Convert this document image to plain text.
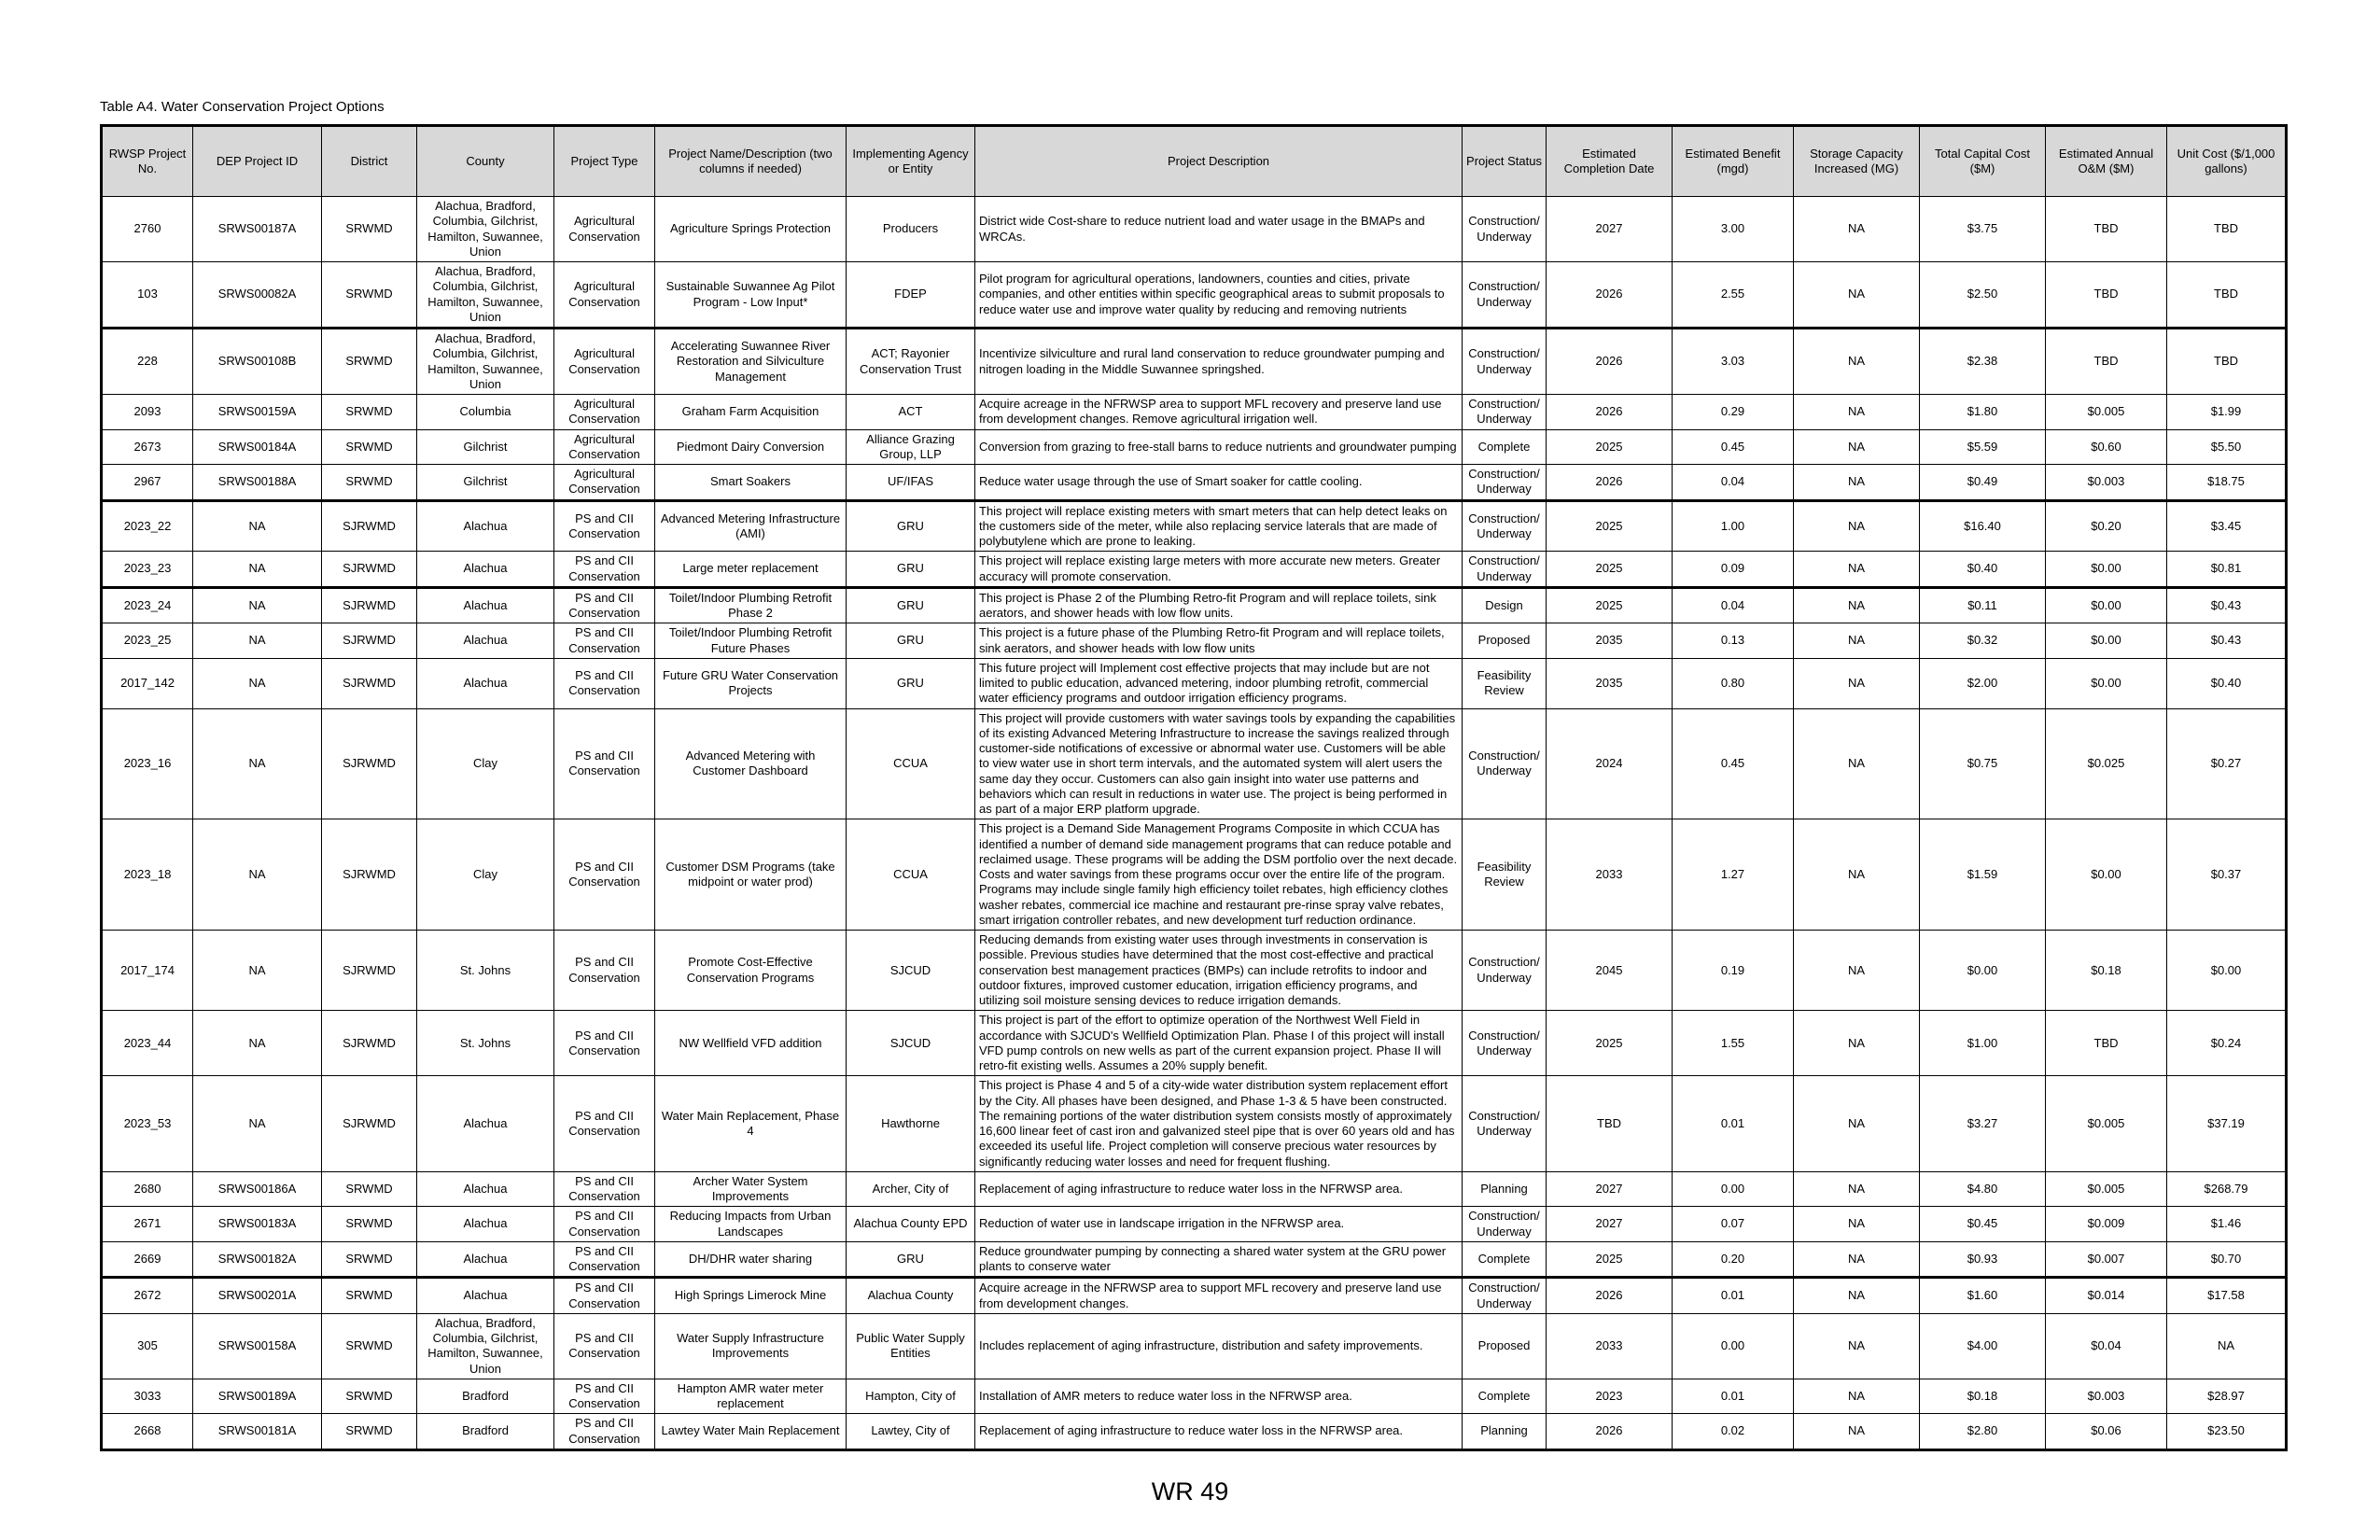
Table A4. Water Conservation Project Options
RWSP Project No.	DEP Project ID	District	County	Project Type	Project Name/Description (two columns if needed)	Implementing Agency or Entity	Project Description	Project Status	Estimated Completion Date	Estimated Benefit (mgd)	Storage Capacity Increased (MG)	Total Capital Cost ($M)	Estimated Annual O&M ($M)	Unit Cost ($/1,000 gallons)
2760	SRWS00187A	SRWMD	Alachua, Bradford, Columbia, Gilchrist, Hamilton, Suwannee, Union	Agricultural Conservation	Agriculture Springs Protection	Producers	District wide Cost-share to reduce nutrient load and water usage in the BMAPs and WRCAs.	Construction/Underway	2027	3.00	NA	$3.75	TBD	TBD
103	SRWS00082A	SRWMD	Alachua, Bradford, Columbia, Gilchrist, Hamilton, Suwannee, Union	Agricultural Conservation	Sustainable Suwannee Ag Pilot Program - Low Input*	FDEP	Pilot program for agricultural operations, landowners, counties and cities, private companies, and other entities within specific geographical areas to submit proposals to reduce water use and improve water quality by reducing and removing nutrients	Construction/Underway	2026	2.55	NA	$2.50	TBD	TBD
228	SRWS00108B	SRWMD	Alachua, Bradford, Columbia, Gilchrist, Hamilton, Suwannee, Union	Agricultural Conservation	Accelerating Suwannee River Restoration and Silviculture Management	ACT; Rayonier Conservation Trust	Incentivize silviculture and rural land conservation to reduce groundwater pumping and nitrogen loading in the Middle Suwannee springshed.	Construction/Underway	2026	3.03	NA	$2.38	TBD	TBD
2093	SRWS00159A	SRWMD	Columbia	Agricultural Conservation	Graham Farm Acquisition	ACT	Acquire acreage in the NFRWSP area to support MFL recovery and preserve land use from development changes. Remove agricultural irrigation well.	Construction/Underway	2026	0.29	NA	$1.80	$0.005	$1.99
2673	SRWS00184A	SRWMD	Gilchrist	Agricultural Conservation	Piedmont Dairy Conversion	Alliance Grazing Group, LLP	Conversion from grazing to free-stall barns to reduce nutrients and groundwater pumping	Complete	2025	0.45	NA	$5.59	$0.60	$5.50
2967	SRWS00188A	SRWMD	Gilchrist	Agricultural Conservation	Smart Soakers	UF/IFAS	Reduce water usage through the use of Smart soaker for cattle cooling.	Construction/Underway	2026	0.04	NA	$0.49	$0.003	$18.75
2023_22	NA	SJRWMD	Alachua	PS and CII Conservation	Advanced Metering Infrastructure (AMI)	GRU	This project will replace existing meters with smart meters that can help detect leaks on the customers side of the meter, while also replacing service laterals that are made of polybutylene which are prone to leaking.	Construction/Underway	2025	1.00	NA	$16.40	$0.20	$3.45
2023_23	NA	SJRWMD	Alachua	PS and CII Conservation	Large meter replacement	GRU	This project will replace existing large meters with more accurate new meters. Greater accuracy will promote conservation.	Construction/Underway	2025	0.09	NA	$0.40	$0.00	$0.81
2023_24	NA	SJRWMD	Alachua	PS and CII Conservation	Toilet/Indoor Plumbing Retrofit Phase 2	GRU	This project is Phase 2 of the Plumbing Retro-fit Program and will replace toilets, sink aerators, and shower heads with low flow units.	Design	2025	0.04	NA	$0.11	$0.00	$0.43
2023_25	NA	SJRWMD	Alachua	PS and CII Conservation	Toilet/Indoor Plumbing Retrofit Future Phases	GRU	This project is a future phase of the Plumbing Retro-fit Program and will replace toilets, sink aerators, and shower heads with low flow units	Proposed	2035	0.13	NA	$0.32	$0.00	$0.43
2017_142	NA	SJRWMD	Alachua	PS and CII Conservation	Future GRU Water Conservation Projects	GRU	This future project will Implement cost effective projects that may include but are not limited to public education, advanced metering, indoor plumbing retrofit, commercial water efficiency programs and outdoor irrigation efficiency programs.	Feasibility Review	2035	0.80	NA	$2.00	$0.00	$0.40
2023_16	NA	SJRWMD	Clay	PS and CII Conservation	Advanced Metering with Customer Dashboard	CCUA	This project will provide customers with water savings tools by expanding the capabilities of its existing Advanced Metering Infrastructure to increase the savings realized through customer-side notifications of excessive or abnormal water use. Customers will be able to view water use in short term intervals, and the automated system will alert users the same day they occur. Customers can also gain insight into water use patterns and behaviors which can result in reductions in water use. The project is being performed in as part of a major ERP platform upgrade.	Construction/Underway	2024	0.45	NA	$0.75	$0.025	$0.27
2023_18	NA	SJRWMD	Clay	PS and CII Conservation	Customer DSM Programs (take midpoint or water prod)	CCUA	This project is a Demand Side Management Programs Composite in which CCUA has identified a number of demand side management programs that can reduce potable and reclaimed usage. These programs will be adding the DSM portfolio over the next decade. Costs and water savings from these programs occur over the entire life of the program. Programs may include single family high efficiency toilet rebates, high efficiency clothes washer rebates, commercial ice machine and restaurant pre-rinse spray valve rebates, smart irrigation controller rebates, and new development turf reduction ordinance.	Feasibility Review	2033	1.27	NA	$1.59	$0.00	$0.37
2017_174	NA	SJRWMD	St. Johns	PS and CII Conservation	Promote Cost-Effective Conservation Programs	SJCUD	Reducing demands from existing water uses through investments in conservation is possible. Previous studies have determined that the most cost-effective and practical conservation best management practices (BMPs) can include retrofits to indoor and outdoor fixtures, improved customer education, irrigation efficiency programs, and utilizing soil moisture sensing devices to reduce irrigation demands.	Construction/Underway	2045	0.19	NA	$0.00	$0.18	$0.00
2023_44	NA	SJRWMD	St. Johns	PS and CII Conservation	NW Wellfield VFD addition	SJCUD	This project is part of the effort to optimize operation of the Northwest Well Field in accordance with SJCUD's Wellfield Optimization Plan. Phase I of this project will install VFD pump controls on new wells as part of the current expansion project. Phase II will retro-fit existing wells. Assumes a 20% supply benefit.	Construction/Underway	2025	1.55	NA	$1.00	TBD	$0.24
2023_53	NA	SJRWMD	Alachua	PS and CII Conservation	Water Main Replacement, Phase 4	Hawthorne	This project is Phase 4 and 5 of a city-wide water distribution system replacement effort by the City. All phases have been designed, and Phase 1-3 & 5 have been constructed. The remaining portions of the water distribution system consists mostly of approximately 16,600 linear feet of cast iron and galvanized steel pipe that is over 60 years old and has exceeded its useful life. Project completion will conserve precious water resources by significantly reducing water losses and need for frequent flushing.	Construction/Underway	TBD	0.01	NA	$3.27	$0.005	$37.19
2680	SRWS00186A	SRWMD	Alachua	PS and CII Conservation	Archer Water System Improvements	Archer, City of	Replacement of aging infrastructure to reduce water loss in the NFRWSP area.	Planning	2027	0.00	NA	$4.80	$0.005	$268.79
2671	SRWS00183A	SRWMD	Alachua	PS and CII Conservation	Reducing Impacts from Urban Landscapes	Alachua County EPD	Reduction of water use in landscape irrigation in the NFRWSP area.	Construction/Underway	2027	0.07	NA	$0.45	$0.009	$1.46
2669	SRWS00182A	SRWMD	Alachua	PS and CII Conservation	DH/DHR water sharing	GRU	Reduce groundwater pumping by connecting a shared water system at the GRU power plants to conserve water	Complete	2025	0.20	NA	$0.93	$0.007	$0.70
2672	SRWS00201A	SRWMD	Alachua	PS and CII Conservation	High Springs Limerock Mine	Alachua County	Acquire acreage in the NFRWSP area to support MFL recovery and preserve land use from development changes.	Construction/Underway	2026	0.01	NA	$1.60	$0.014	$17.58
305	SRWS00158A	SRWMD	Alachua, Bradford, Columbia, Gilchrist, Hamilton, Suwannee, Union	PS and CII Conservation	Water Supply Infrastructure Improvements	Public Water Supply Entities	Includes replacement of aging infrastructure, distribution and safety improvements.	Proposed	2033	0.00	NA	$4.00	$0.04	NA
3033	SRWS00189A	SRWMD	Bradford	PS and CII Conservation	Hampton AMR water meter replacement	Hampton, City of	Installation of AMR meters to reduce water loss in the NFRWSP area.	Complete	2023	0.01	NA	$0.18	$0.003	$28.97
2668	SRWS00181A	SRWMD	Bradford	PS and CII Conservation	Lawtey Water Main Replacement	Lawtey, City of	Replacement of aging infrastructure to reduce water loss in the NFRWSP area.	Planning	2026	0.02	NA	$2.80	$0.06	$23.50
WR 49
